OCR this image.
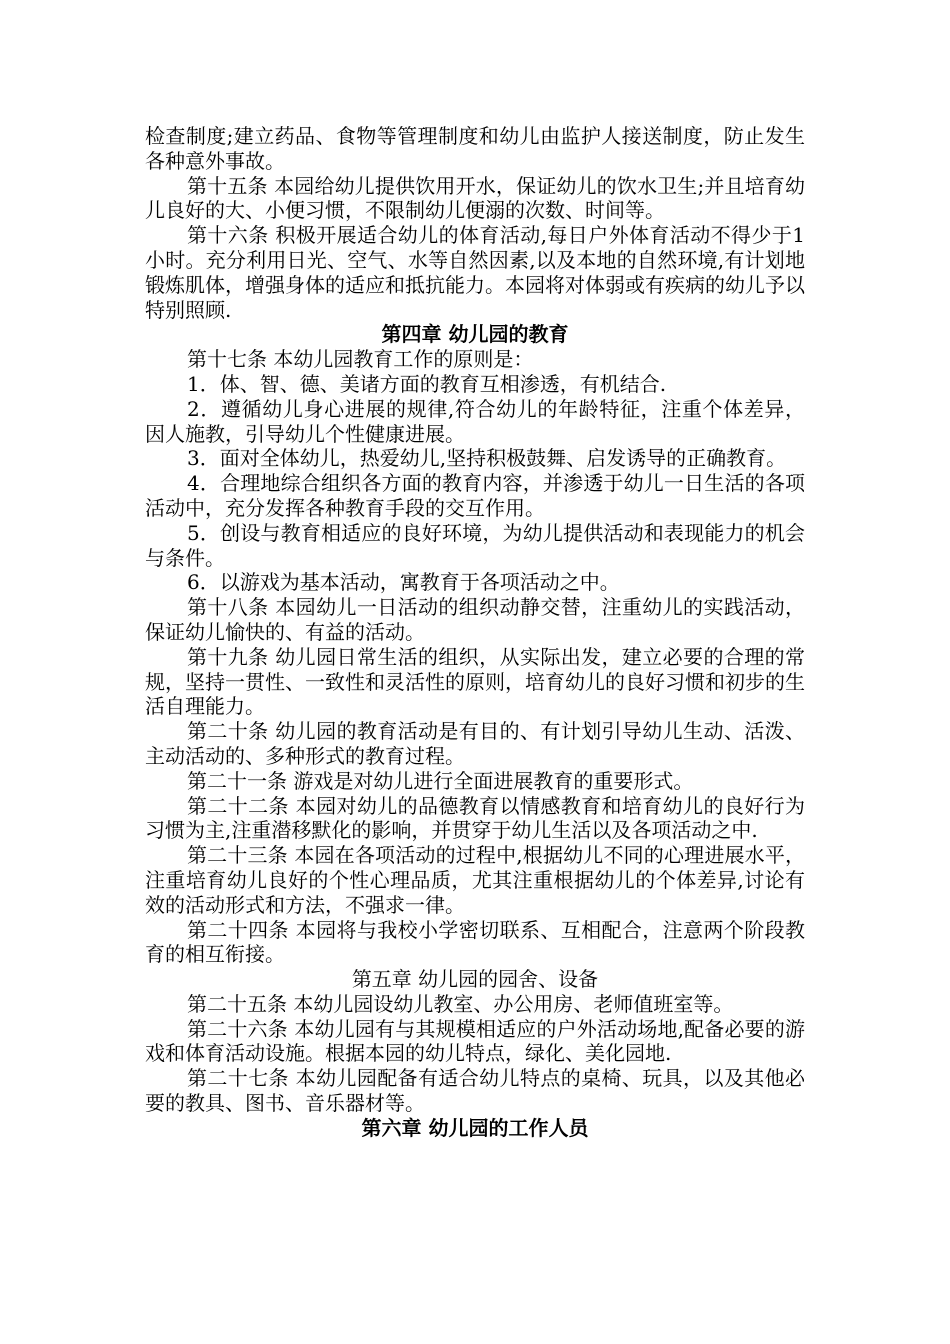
检查制度;建立药品、食物等管理制度和幼儿由监护人接送制度，防止发生各种意外事故。

第十五条 本园给幼儿提供饮用开水，保证幼儿的饮水卫生;并且培育幼儿良好的大、小便习惯，不限制幼儿便溺的次数、时间等。

第十六条 积极开展适合幼儿的体育活动,每日户外体育活动不得少于1小时。充分利用日光、空气、水等自然因素,以及本地的自然环境,有计划地锻炼肌体，增强身体的适应和抵抗能力。本园将对体弱或有疾病的幼儿予以特别照顾.

第四章 幼儿园的教育

第十七条 本幼儿园教育工作的原则是：

1．体、智、德、美诸方面的教育互相渗透，有机结合.

2．遵循幼儿身心进展的规律,符合幼儿的年龄特征，注重个体差异，因人施教，引导幼儿个性健康进展。

3．面对全体幼儿，热爱幼儿,坚持积极鼓舞、启发诱导的正确教育。

4．合理地综合组织各方面的教育内容，并渗透于幼儿一日生活的各项活动中，充分发挥各种教育手段的交互作用。

5．创设与教育相适应的良好环境，为幼儿提供活动和表现能力的机会与条件。

6．以游戏为基本活动，寓教育于各项活动之中。

第十八条 本园幼儿一日活动的组织动静交替，注重幼儿的实践活动，保证幼儿愉快的、有益的活动。

第十九条 幼儿园日常生活的组织，从实际出发，建立必要的合理的常规，坚持一贯性、一致性和灵活性的原则，培育幼儿的良好习惯和初步的生活自理能力。

第二十条 幼儿园的教育活动是有目的、有计划引导幼儿生动、活泼、主动活动的、多种形式的教育过程。

第二十一条 游戏是对幼儿进行全面进展教育的重要形式。

第二十二条 本园对幼儿的品德教育以情感教育和培育幼儿的良好行为习惯为主,注重潜移默化的影响，并贯穿于幼儿生活以及各项活动之中.

第二十三条 本园在各项活动的过程中,根据幼儿不同的心理进展水平，注重培育幼儿良好的个性心理品质，尤其注重根据幼儿的个体差异,讨论有效的活动形式和方法，不强求一律。

第二十四条 本园将与我校小学密切联系、互相配合，注意两个阶段教育的相互衔接。

第五章 幼儿园的园舍、设备

第二十五条 本幼儿园设幼儿教室、办公用房、老师值班室等。

第二十六条 本幼儿园有与其规模相适应的户外活动场地,配备必要的游戏和体育活动设施。根据本园的幼儿特点，绿化、美化园地.

第二十七条 本幼儿园配备有适合幼儿特点的桌椅、玩具，以及其他必要的教具、图书、音乐器材等。

第六章 幼儿园的工作人员
